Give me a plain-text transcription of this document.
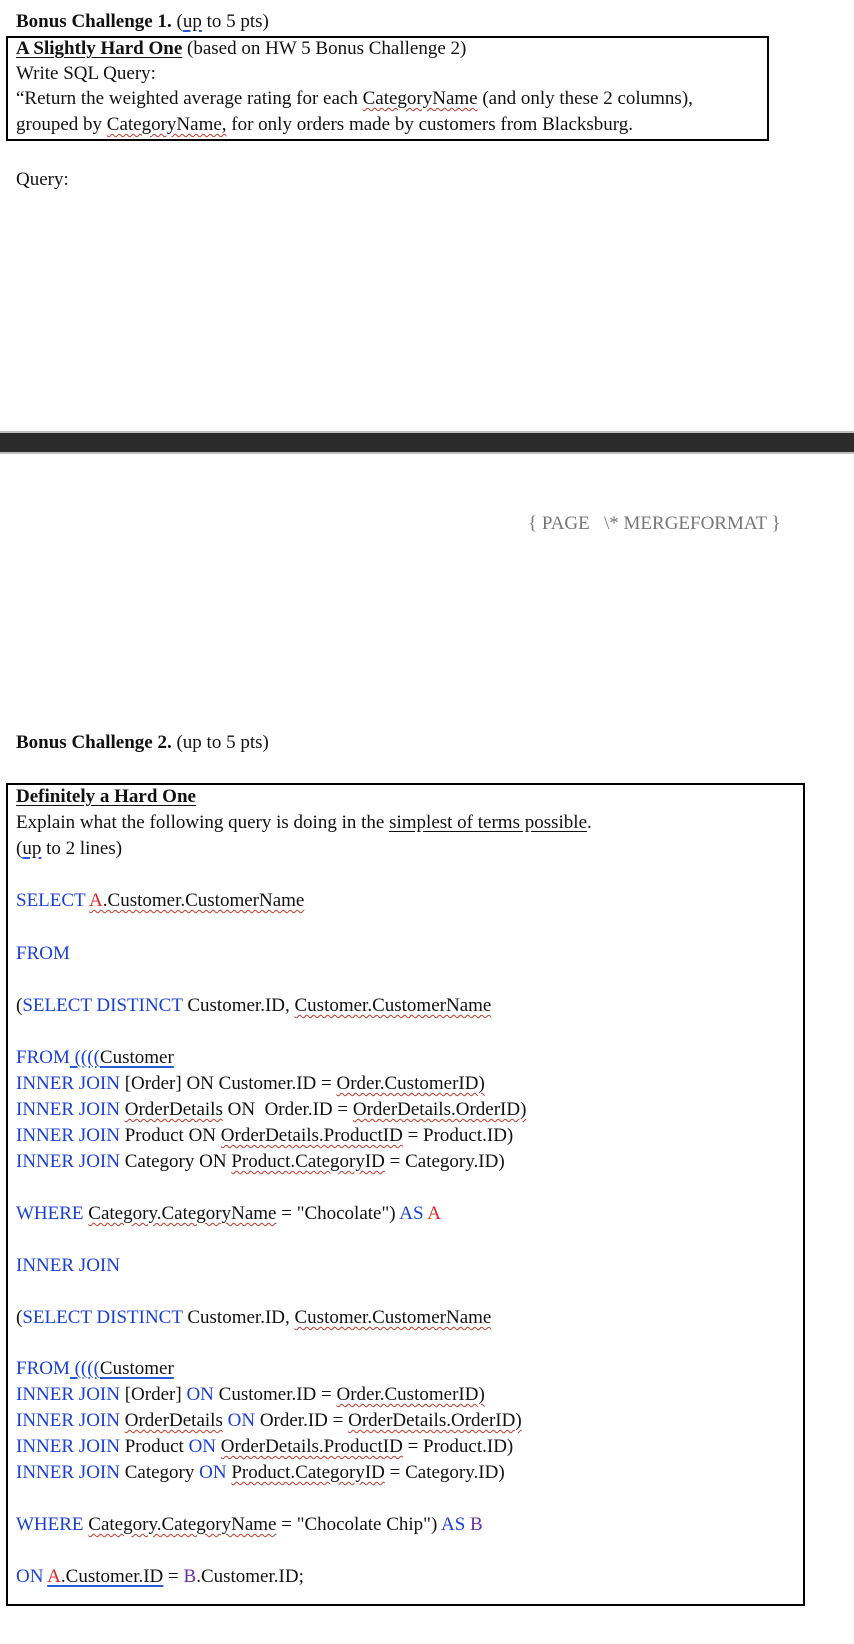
Bonus Challenge 1. (up to 5 pts)
A Slightly Hard One (based on HW 5 Bonus Challenge 2)
Write SQL Query:
“Return the weighted average rating for each CategoryName (and only these 2 columns),
grouped by CategoryName, for only orders made by customers from Blacksburg.
Query:
{ PAGE   \* MERGEFORMAT }
Bonus Challenge 2. (up to 5 pts)
Definitely a Hard One
Explain what the following query is doing in the simplest of terms possible.
(up to 2 lines)
SELECT A.Customer.CustomerName
FROM
(SELECT DISTINCT Customer.ID, Customer.CustomerName
FROM ((((Customer
INNER JOIN [Order] ON Customer.ID = Order.CustomerID)
INNER JOIN OrderDetails ON  Order.ID = OrderDetails.OrderID)
INNER JOIN Product ON OrderDetails.ProductID = Product.ID)
INNER JOIN Category ON Product.CategoryID = Category.ID)
WHERE Category.CategoryName = "Chocolate") AS A
INNER JOIN
(SELECT DISTINCT Customer.ID, Customer.CustomerName
FROM ((((Customer
INNER JOIN [Order] ON Customer.ID = Order.CustomerID)
INNER JOIN OrderDetails ON Order.ID = OrderDetails.OrderID)
INNER JOIN Product ON OrderDetails.ProductID = Product.ID)
INNER JOIN Category ON Product.CategoryID = Category.ID)
WHERE Category.CategoryName = "Chocolate Chip") AS B
ON A.Customer.ID = B.Customer.ID;
